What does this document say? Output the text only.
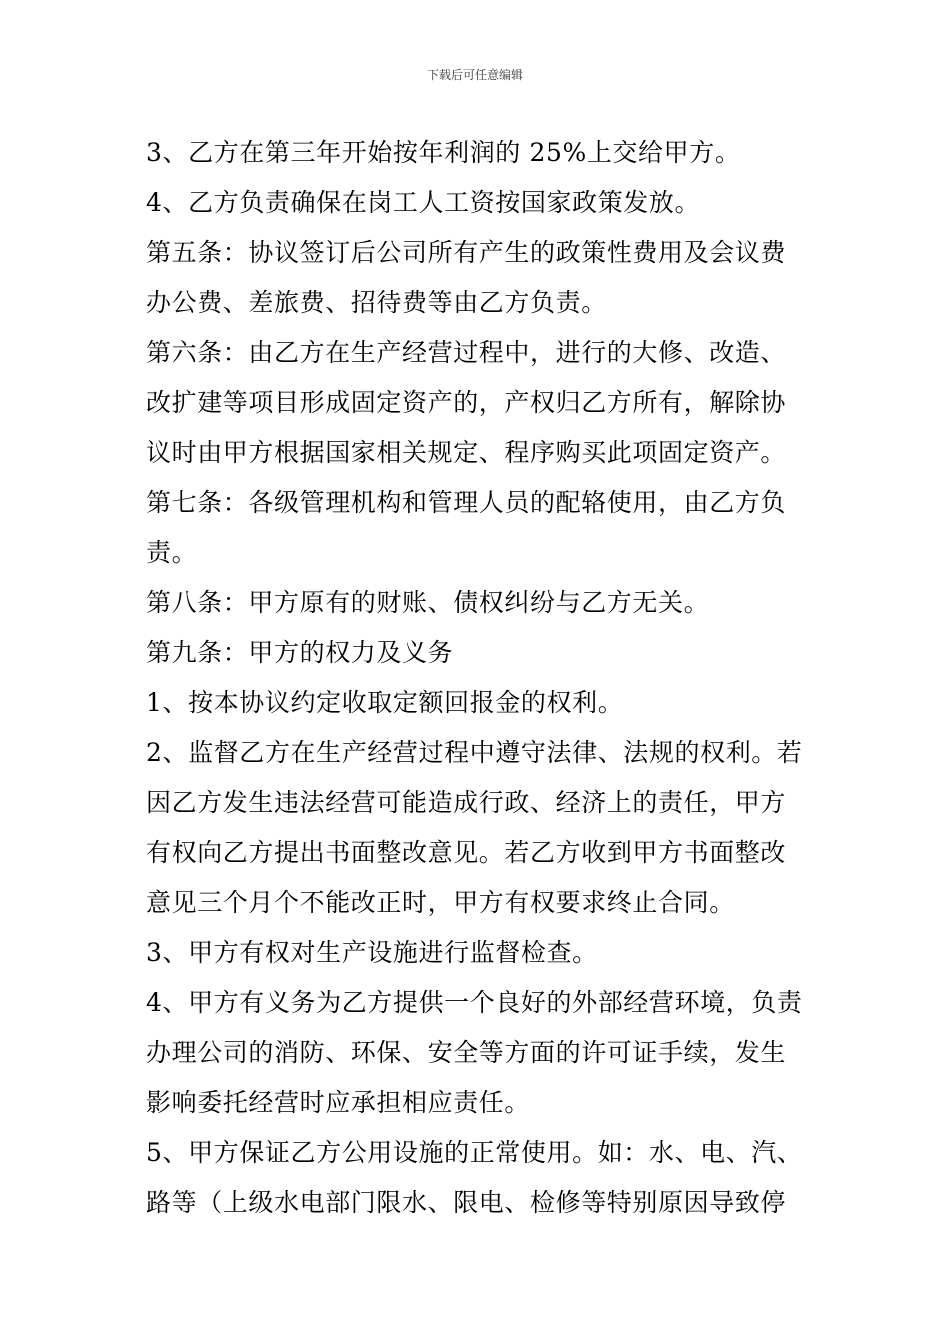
下载后可任意编辑
3、乙方在第三年开始按年利润的 25%上交给甲方。
4、乙方负责确保在岗工人工资按国家政策发放。
第五条：协议签订后公司所有产生的政策性费用及会议费
办公费、差旅费、招待费等由乙方负责。
第六条：由乙方在生产经营过程中，进行的大修、改造、
改扩建等项目形成固定资产的，产权归乙方所有，解除协
议时由甲方根据国家相关规定、程序购买此项固定资产。
第七条：各级管理机构和管理人员的配辂使用，由乙方负
责。
第八条：甲方原有的财账、债权纠纷与乙方无关。
第九条：甲方的权力及义务
1、按本协议约定收取定额回报金的权利。
2、监督乙方在生产经营过程中遵守法律、法规的权利。若
因乙方发生违法经营可能造成行政、经济上的责任，甲方
有权向乙方提出书面整改意见。若乙方收到甲方书面整改
意见三个月个不能改正时，甲方有权要求终止合同。
3、甲方有权对生产设施进行监督检查。
4、甲方有义务为乙方提供一个良好的外部经营环境，负责
办理公司的消防、环保、安全等方面的许可证手续，发生
影响委托经营时应承担相应责任。
5、甲方保证乙方公用设施的正常使用。如：水、电、汽、
路等（上级水电部门限水、限电、检修等特别原因导致停
